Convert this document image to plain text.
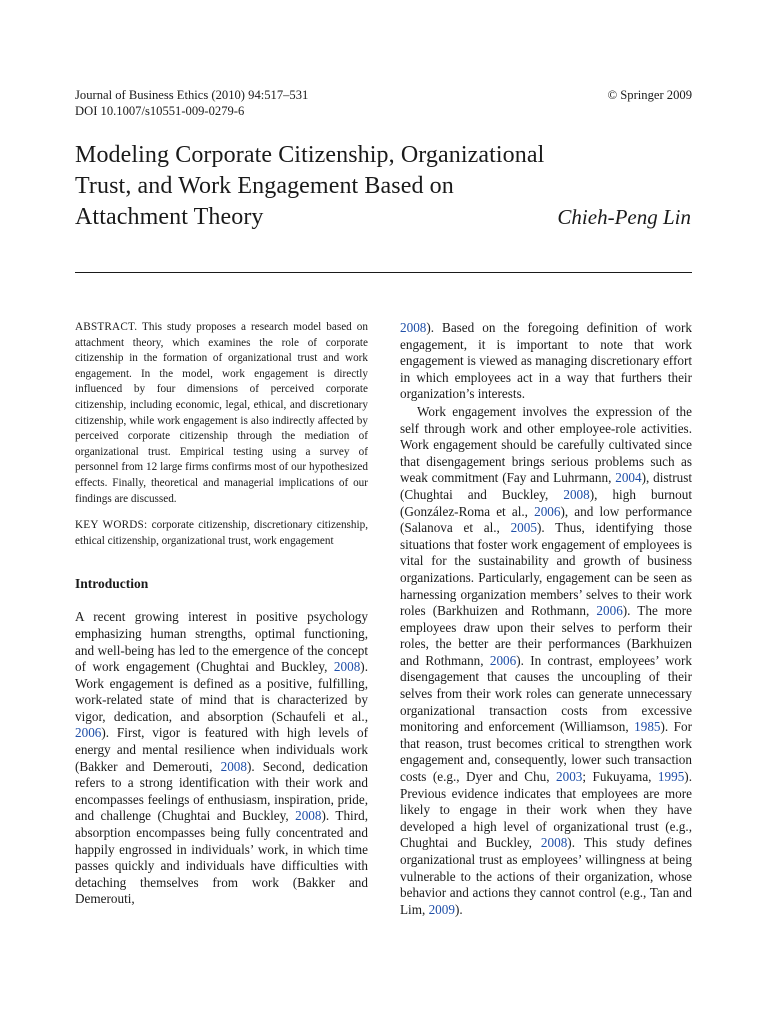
Journal of Business Ethics (2010) 94:517–531
DOI 10.1007/s10551-009-0279-6
© Springer 2009
Modeling Corporate Citizenship, Organizational Trust, and Work Engagement Based on Attachment Theory	Chieh-Peng Lin

ABSTRACT. This study proposes a research model based on attachment theory, which examines the role of corporate citizenship in the formation of organizational trust and work engagement. In the model, work engagement is directly influenced by four dimensions of perceived corporate citizenship, including economic, legal, ethical, and discretionary citizenship, while work engagement is also indirectly affected by perceived corporate citizenship through the mediation of organizational trust. Empirical testing using a survey of personnel from 12 large firms confirms most of our hypothesized effects. Finally, theoretical and managerial implications of our findings are discussed.

KEY WORDS: corporate citizenship, discretionary citizenship, ethical citizenship, organizational trust, work engagement

Introduction
A recent growing interest in positive psychology emphasizing human strengths, optimal functioning, and well-being has led to the emergence of the concept of work engagement (Chughtai and Buckley, 2008). Work engagement is defined as a positive, fulfilling, work-related state of mind that is characterized by vigor, dedication, and absorption (Schaufeli et al., 2006). First, vigor is featured with high levels of energy and mental resilience when individuals work (Bakker and Demerouti, 2008). Second, dedication refers to a strong identification with their work and encompasses feelings of enthusiasm, inspiration, pride, and challenge (Chughtai and Buckley, 2008). Third, absorption encompasses being fully concentrated and happily engrossed in individuals’ work, in which time passes quickly and individuals have difficulties with detaching themselves from work (Bakker and Demerouti,
2008). Based on the foregoing definition of work engagement, it is important to note that work engagement is viewed as managing discretionary effort in which employees act in a way that furthers their organization’s interests.
Work engagement involves the expression of the self through work and other employee-role activities. Work engagement should be carefully cultivated since that disengagement brings serious problems such as weak commitment (Fay and Luhrmann, 2004), distrust (Chughtai and Buckley, 2008), high burnout (González-Roma et al., 2006), and low performance (Salanova et al., 2005). Thus, identifying those situations that foster work engagement of employees is vital for the sustainability and growth of business organizations. Particularly, engagement can be seen as harnessing organization members’ selves to their work roles (Barkhuizen and Rothmann, 2006). The more employees draw upon their selves to perform their roles, the better are their performances (Barkhuizen and Rothmann, 2006). In contrast, employees’ work disengagement that causes the uncoupling of their selves from their work roles can generate unnecessary organizational transaction costs from excessive monitoring and enforcement (Williamson, 1985). For that reason, trust becomes critical to strengthen work engagement and, consequently, lower such transaction costs (e.g., Dyer and Chu, 2003; Fukuyama, 1995). Previous evidence indicates that employees are more likely to engage in their work when they have developed a high level of organizational trust (e.g., Chughtai and Buckley, 2008). This study defines organizational trust as employees’ willingness at being vulnerable to the actions of their organization, whose behavior and actions they cannot control (e.g., Tan and Lim, 2009).
